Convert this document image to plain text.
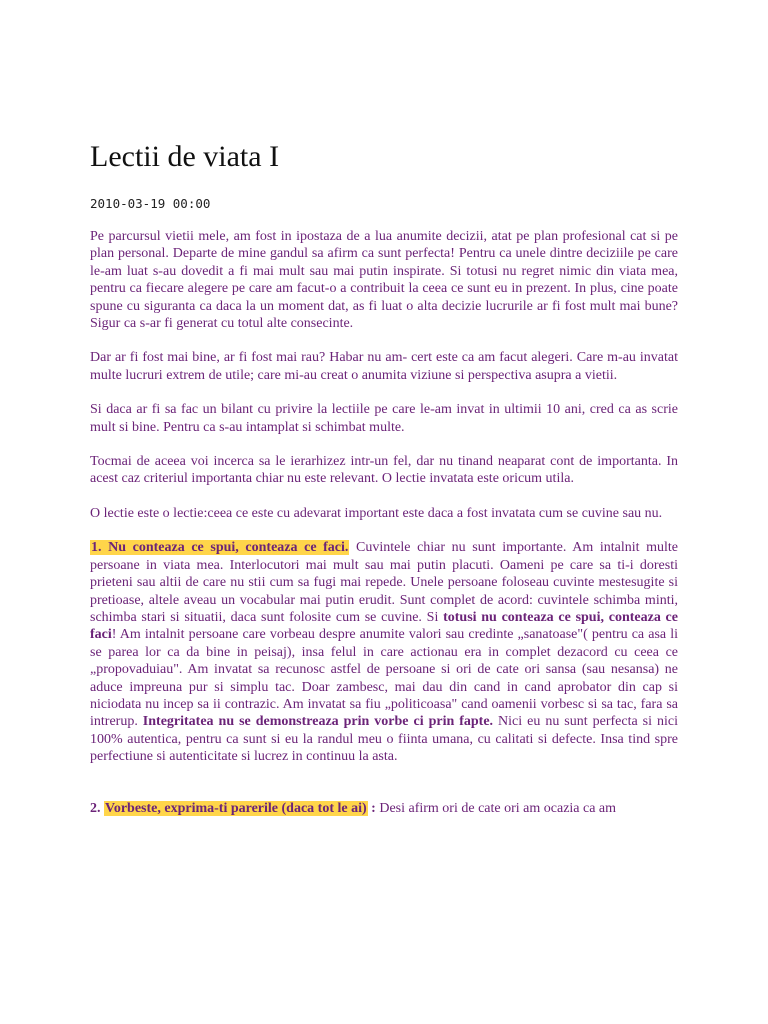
Lectii de viata I
2010-03-19 00:00

Pe parcursul vietii mele, am fost in ipostaza de a lua anumite decizii, atat pe plan profesional cat si pe plan personal. Departe de mine gandul sa afirm ca sunt perfecta! Pentru ca unele dintre deciziile pe care le-am luat s-au dovedit a fi mai mult sau mai putin inspirate. Si totusi nu regret nimic din viata mea, pentru ca fiecare alegere pe care am facut-o a contribuit la ceea ce sunt eu in prezent. In plus, cine poate spune cu siguranta ca daca la un moment dat, as fi luat o alta decizie lucrurile ar fi fost mult mai bune? Sigur ca s-ar fi generat cu totul alte consecinte.

Dar ar fi fost mai bine, ar fi fost mai rau? Habar nu am- cert este ca am facut alegeri. Care m-au invatat multe lucruri extrem de utile; care mi-au creat o anumita viziune si perspectiva asupra a vietii.

Si daca ar fi sa fac un bilant cu privire la lectiile pe care le-am invat in ultimii 10 ani, cred ca as scrie mult si bine. Pentru ca s-au intamplat si schimbat multe.

Tocmai de aceea voi incerca sa le ierarhizez intr-un fel, dar nu tinand neaparat cont de importanta. In acest caz criteriul importanta chiar nu este relevant. O lectie invatata este oricum utila.

O lectie este o lectie:ceea ce este cu adevarat important este daca a fost invatata cum se cuvine sau nu.

1. Nu conteaza ce spui, conteaza ce faci. Cuvintele chiar nu sunt importante. Am intalnit multe persoane in viata mea. Interlocutori mai mult sau mai putin placuti. Oameni pe care sa ti-i doresti prieteni sau altii de care nu stii cum sa fugi mai repede. Unele persoane foloseau cuvinte mestesugite si pretioase, altele aveau un vocabular mai putin erudit. Sunt complet de acord: cuvintele schimba minti, schimba stari si situatii, daca sunt folosite cum se cuvine. Si totusi nu conteaza ce spui, conteaza ce faci! Am intalnit persoane care vorbeau despre anumite valori sau credinte „sanatoase"( pentru ca asa li se parea lor ca da bine in peisaj), insa felul in care actionau era in complet dezacord cu ceea ce „propovaduiau". Am invatat sa recunosc astfel de persoane si ori de cate ori sansa (sau nesansa) ne aduce impreuna pur si simplu tac. Doar zambesc, mai dau din cand in cand aprobator din cap si niciodata nu incep sa ii contrazic. Am invatat sa fiu „politicoasa" cand oamenii vorbesc si sa tac, fara sa intrerup. Integritatea nu se demonstreaza prin vorbe ci prin fapte. Nici eu nu sunt perfecta si nici 100% autentica, pentru ca sunt si eu la randul meu o fiinta umana, cu calitati si defecte. Insa tind spre perfectiune si autenticitate si lucrez in continuu la asta.

2. Vorbeste, exprima-ti parerile (daca tot le ai) : Desi afirm ori de cate ori am ocazia ca am
